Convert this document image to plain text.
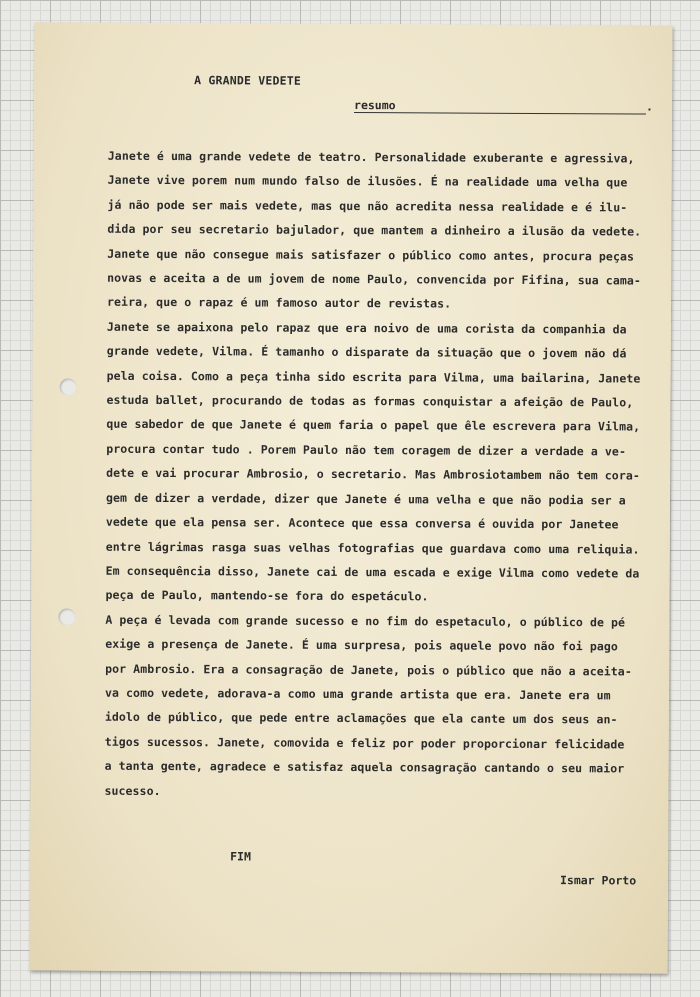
A GRANDE VEDETE
resumo	.
Janete é uma grande vedete de teatro. Personalidade exuberante e agressiva,
Janete vive porem num mundo falso de ilusões. É na realidade uma velha que
já não pode ser mais vedete, mas que não acredita nessa realidade e é ilu-
dida por seu secretario bajulador, que mantem a dinheiro a ilusão da vedete.
Janete que não consegue mais satisfazer o público como antes, procura peças
novas e aceita a de um jovem de nome Paulo, convencida por Fifina, sua cama-
reira, que o rapaz é um famoso autor de revistas.
Janete se apaixona pelo rapaz que era noivo de uma corista da companhia da
grande vedete, Vilma. É tamanho o disparate da situação que o jovem não dá
pela coisa. Como a peça tinha sido escrita para Vilma, uma bailarina, Janete
estuda ballet, procurando de todas as formas conquistar a afeição de Paulo,
que sabedor de que Janete é quem faria o papel que êle escrevera para Vilma,
procura contar tudo . Porem Paulo não tem coragem de dizer a verdade a ve-
dete e vai procurar Ambrosio, o secretario. Mas Ambrosiotambem não tem cora-
gem de dizer a verdade, dizer que Janete é uma velha e que não podia ser a
vedete que ela pensa ser. Acontece que essa conversa é ouvida por Janetee
entre lágrimas rasga suas velhas fotografias que guardava como uma reliquia.
Em consequência disso, Janete cai de uma escada e exige Vilma como vedete da
peça de Paulo, mantendo-se fora do espetáculo.
A peça é levada com grande sucesso e no fim do espetaculo, o público de pé
exige a presença de Janete. É uma surpresa, pois aquele povo não foi pago
por Ambrosio. Era a consagração de Janete, pois o público que não a aceita-
va como vedete, adorava-a como uma grande artista que era. Janete era um
idolo de público, que pede entre aclamações que ela cante um dos seus an-
tigos sucessos. Janete, comovida e feliz por poder proporcionar felicidade
a tanta gente, agradece e satisfaz aquela consagração cantando o seu maior
sucesso.
FIM
Ismar Porto
